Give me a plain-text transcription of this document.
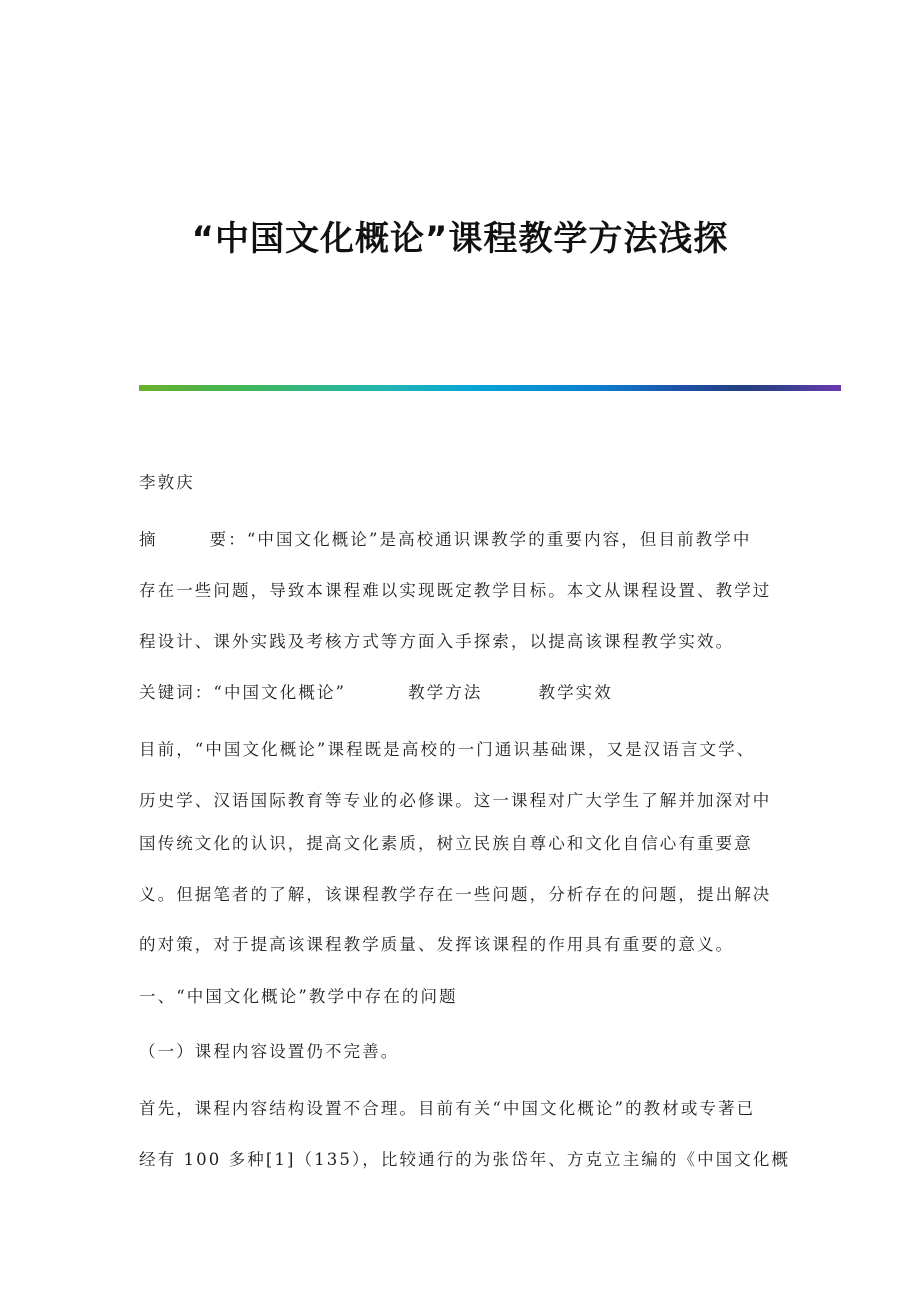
“中国文化概论”课程教学方法浅探
李敦庆
摘	要：“中国文化概论”是高校通识课教学的重要内容，但目前教学中
存在一些问题，导致本课程难以实现既定教学目标。本文从课程设置、教学过
程设计、课外实践及考核方式等方面入手探索，以提高该课程教学实效。
关键词：“中国文化概论”	教学方法	教学实效
目前，“中国文化概论”课程既是高校的一门通识基础课，又是汉语言文学、
历史学、汉语国际教育等专业的必修课。这一课程对广大学生了解并加深对中
国传统文化的认识，提高文化素质，树立民族自尊心和文化自信心有重要意
义。但据笔者的了解，该课程教学存在一些问题，分析存在的问题，提出解决
的对策，对于提高该课程教学质量、发挥该课程的作用具有重要的意义。
一、“中国文化概论”教学中存在的问题
（一）课程内容设置仍不完善。
首先，课程内容结构设置不合理。目前有关“中国文化概论”的教材或专著已
经有 100 多种[1]（135），比较通行的为张岱年、方克立主编的《中国文化概
